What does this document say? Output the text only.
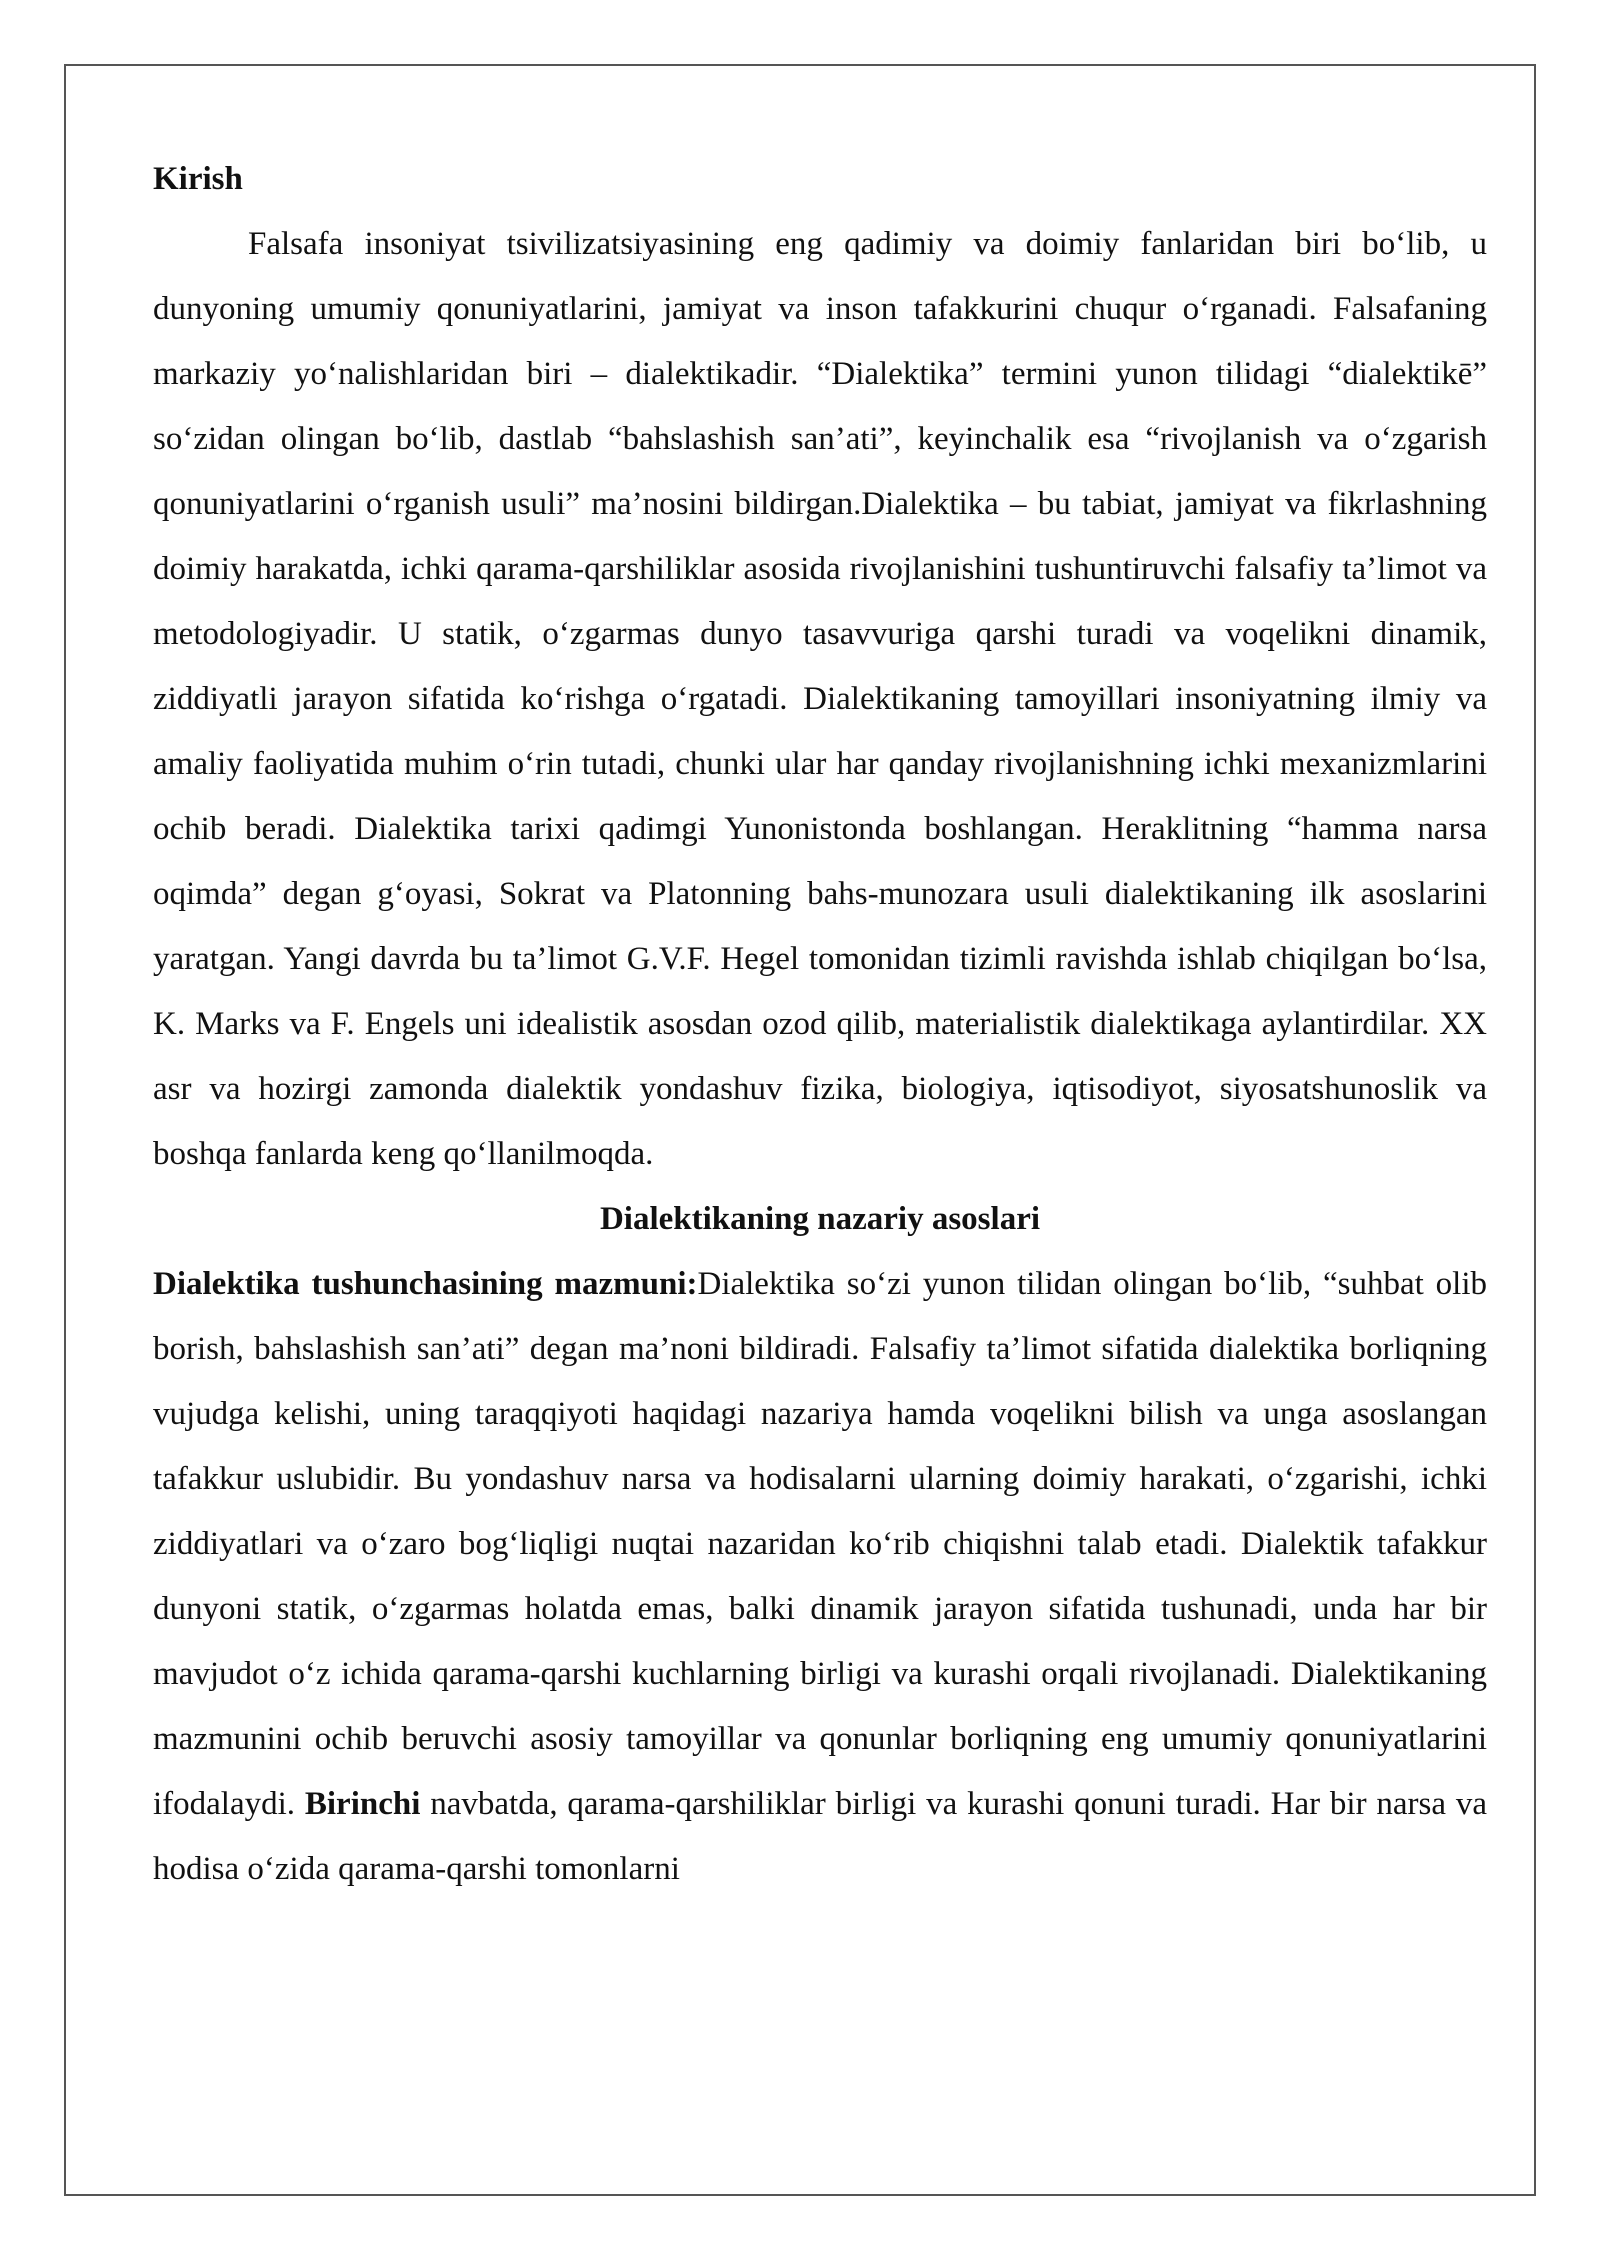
Kirish

Falsafa insoniyat tsivilizatsiyasining eng qadimiy va doimiy fanlaridan biri bo‘lib, u dunyoning umumiy qonuniyatlarini, jamiyat va inson tafakkurini chuqur o‘rganadi. Falsafaning markaziy yo‘nalishlaridan biri – dialektikadir. “Dialektika” termini yunon tilidagi “dialektikē” so‘zidan olingan bo‘lib, dastlab “bahslashish san’ati”, keyinchalik esa “rivojlanish va o‘zgarish qonuniyatlarini o‘rganish usuli” ma’nosini bildirgan.Dialektika – bu tabiat, jamiyat va fikrlashning doimiy harakatda, ichki qarama-qarshiliklar asosida rivojlanishini tushuntiruvchi falsafiy ta’limot va metodologiyadir. U statik, o‘zgarmas dunyo tasavvuriga qarshi turadi va voqelikni dinamik, ziddiyatli jarayon sifatida ko‘rishga o‘rgatadi. Dialektikaning tamoyillari insoniyatning ilmiy va amaliy faoliyatida muhim o‘rin tutadi, chunki ular har qanday rivojlanishning ichki mexanizmlarini ochib beradi. Dialektika tarixi qadimgi Yunonistonda boshlangan. Heraklitning “hamma narsa oqimda” degan g‘oyasi, Sokrat va Platonning bahs-munozara usuli dialektikaning ilk asoslarini yaratgan. Yangi davrda bu ta’limot G.V.F. Hegel tomonidan tizimli ravishda ishlab chiqilgan bo‘lsa, K. Marks va F. Engels uni idealistik asosdan ozod qilib, materialistik dialektikaga aylantirdilar. XX asr va hozirgi zamonda dialektik yondashuv fizika, biologiya, iqtisodiyot, siyosatshunoslik va boshqa fanlarda keng qo‘llanilmoqda.

Dialektikaning nazariy asoslari

Dialektika tushunchasining mazmuni:Dialektika so‘zi yunon tilidan olingan bo‘lib, “suhbat olib borish, bahslashish san’ati” degan ma’noni bildiradi. Falsafiy ta’limot sifatida dialektika borliqning vujudga kelishi, uning taraqqiyoti haqidagi nazariya hamda voqelikni bilish va unga asoslangan tafakkur uslubidir. Bu yondashuv narsa va hodisalarni ularning doimiy harakati, o‘zgarishi, ichki ziddiyatlari va o‘zaro bog‘liqligi nuqtai nazaridan ko‘rib chiqishni talab etadi. Dialektik tafakkur dunyoni statik, o‘zgarmas holatda emas, balki dinamik jarayon sifatida tushunadi, unda har bir mavjudot o‘z ichida qarama-qarshi kuchlarning birligi va kurashi orqali rivojlanadi. Dialektikaning mazmunini ochib beruvchi asosiy tamoyillar va qonunlar borliqning eng umumiy qonuniyatlarini ifodalaydi. Birinchi navbatda, qarama-qarshiliklar birligi va kurashi qonuni turadi. Har bir narsa va hodisa o‘zida qarama-qarshi tomonlarni
